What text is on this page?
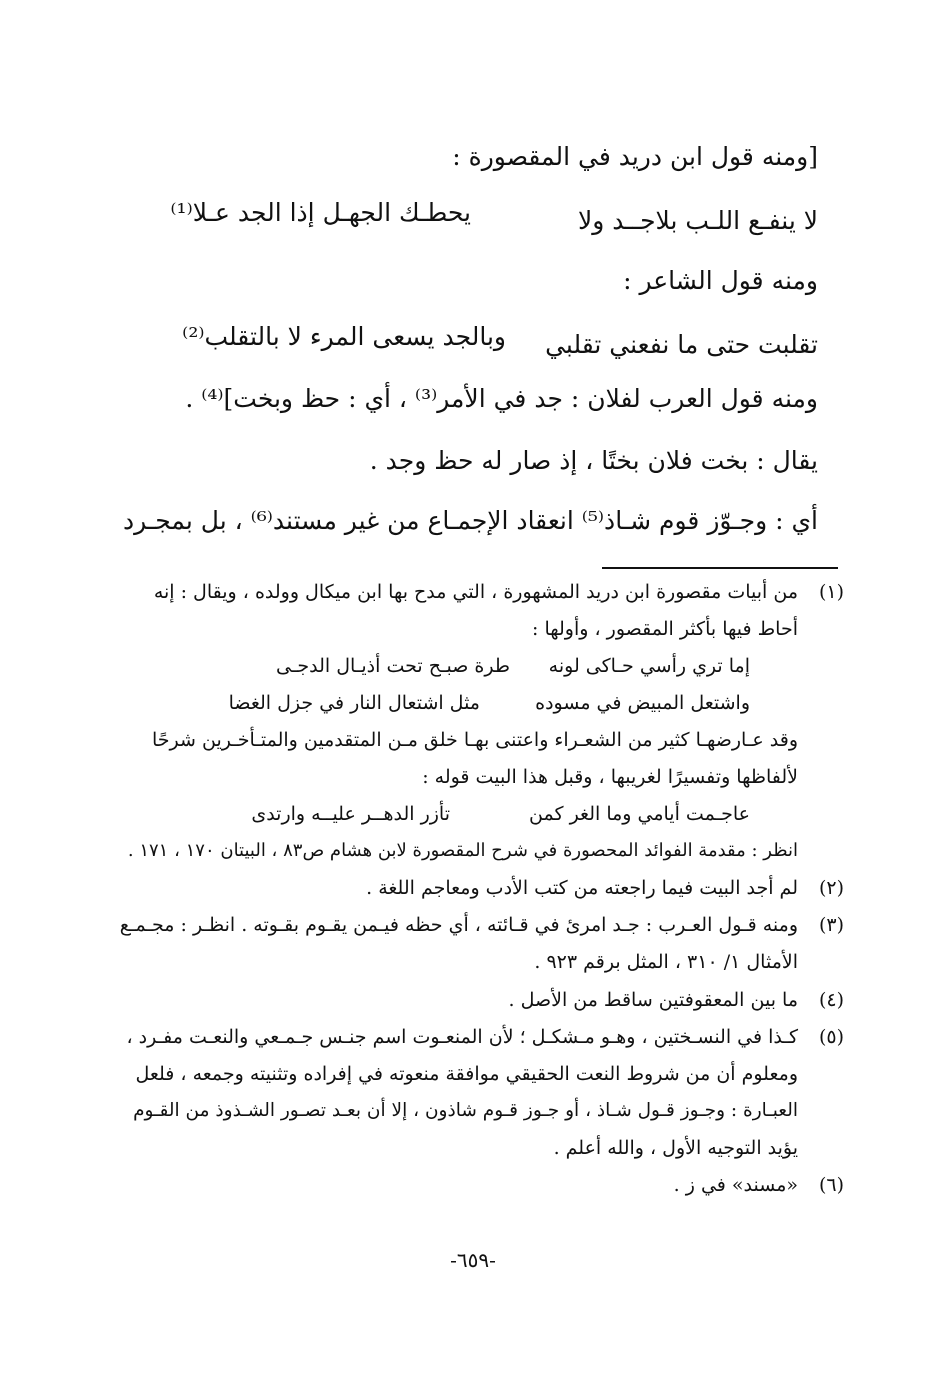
[ومنه قول ابن دريد في المقصورة :
لا ينفـع اللـب بلاجــد ولا
يحطـك الجهـل إذا الجد عـلا⁽¹⁾
ومنه قول الشاعر :
تقلبت حتى ما نفعني تقلبي
وبالجد يسعى المرء لا بالتقلب⁽²⁾
ومنه قول العرب لفلان : جد في الأمر⁽³⁾ ، أي : حظ وبخت]⁽⁴⁾ .
يقال : بخت فلان بختًا ، إذ صار له حظ وجد .
أي : وجـوّز قوم شـاذ⁽⁵⁾ انعقاد الإجمـاع من غير مستند⁽⁶⁾ ، بل بمجـرد
(١)
من أبيات مقصورة ابن دريد المشهورة ، التي مدح بها ابن ميكال وولده ، ويقال : إنه
أحاط فيها بأكثر المقصور ، وأولها :
إما تري رأسي حـاكى لونه
طرة صبـح تحت أذيـال الدجـى
واشتعل المبيض في مسوده
مثل اشتعال النار في جزل الغضا
وقد عـارضهـا كثير من الشعـراء واعتنى بهـا خلق مـن المتقدمين والمتـأخـرين شرحًا
لألفاظها وتفسيرًا لغريبها ، وقبل هذا البيت قوله :
عاجـمت أيامي وما الغر كمن
تأزر الدهــر عليــه وارتدى
انظر : مقدمة الفوائد المحصورة في شرح المقصورة لابن هشام ص٨٣ ، البيتان ١٧٠ ، ١٧١ .
(٢)
لم أجد البيت فيما راجعته من كتب الأدب ومعاجم اللغة .
(٣)
ومنه قـول العـرب : جـد امرئ في قـائته ، أي حظه فيـمن يقـوم بقـوته . انظـر : مجـمـع
الأمثال ١/ ٣١٠ ، المثل برقم ٩٢٣ .
(٤)
ما بين المعقوفتين ساقط من الأصل .
(٥)
كـذا في النسـختين ، وهـو مـشكـل ؛ لأن المنعـوت اسم جنـس جـمـعي والنعـت مفـرد ،
ومعلوم أن من شروط النعت الحقيقي موافقة منعوته في إفراده وتثنيته وجمعه ، فلعل
العبـارة : وجـوز قـول شـاذ ، أو جـوز قـوم شاذون ، إلا أن بعـد تصـور الشـذوذ من القـوم
يؤيد التوجيه الأول ، والله أعلم .
(٦)
«مسند» في ز .
-٦٥٩-
